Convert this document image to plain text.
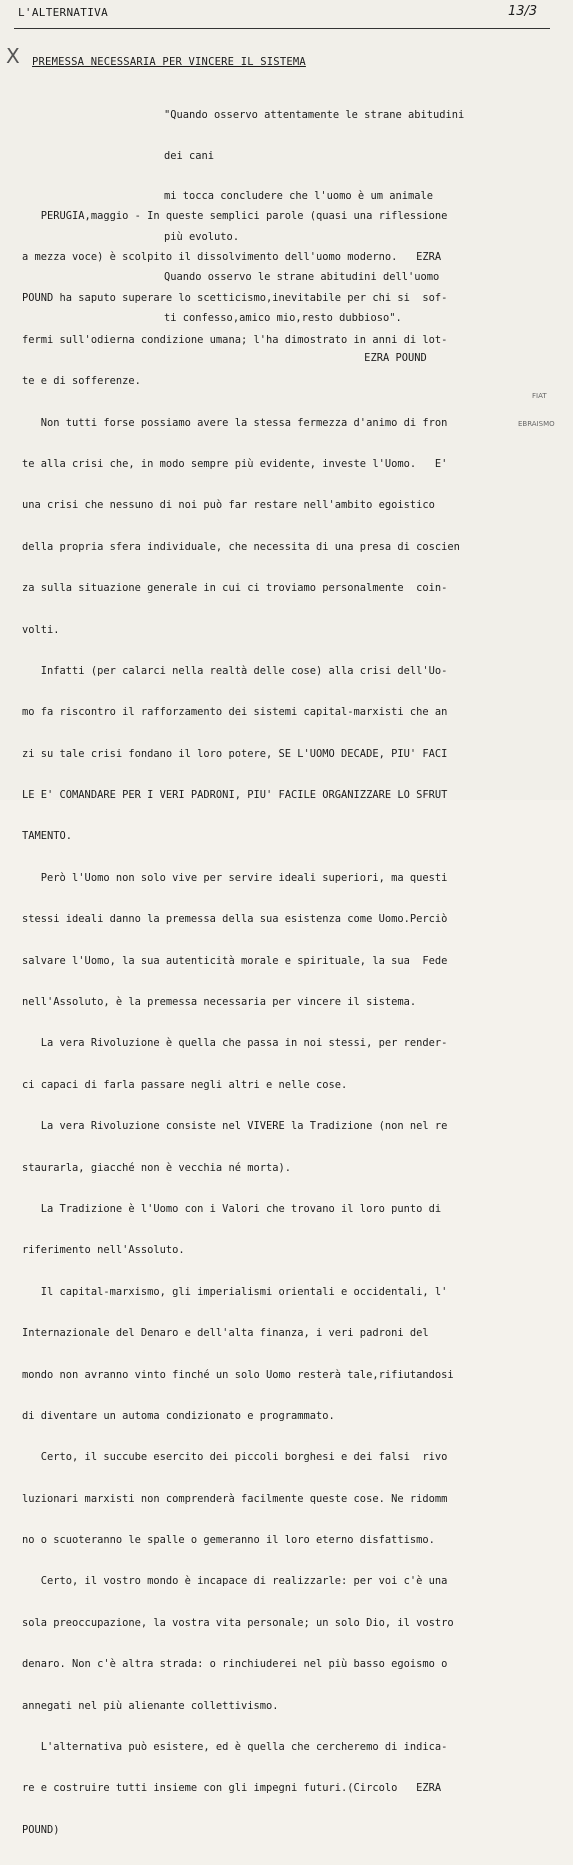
L'ALTERNATIVA	13/3
X PREMESSA NECESSARIA PER VINCERE IL SISTEMA

"Quando osservo attentamente le strane abitudini

dei cani

mi tocca concludere che l'uomo è um animale

più evoluto.

Quando osservo le strane abitudini dell'uomo

ti confesso,amico mio,resto dubbioso".

EZRA POUND

PERUGIA,maggio - In queste semplici parole (quasi una riflessione

a mezza voce) è scolpito il dissolvimento dell'uomo moderno.   EZRA

POUND ha saputo superare lo scetticismo,inevitabile per chi si  sof-

fermi sull'odierna condizione umana; l'ha dimostrato in anni di lot-

te e di sofferenze.

Non tutti forse possiamo avere la stessa fermezza d'animo di fron

te alla crisi che, in modo sempre più evidente, investe l'Uomo.   E'

una crisi che nessuno di noi può far restare nell'ambito egoistico

della propria sfera individuale, che necessita di una presa di coscien

za sulla situazione generale in cui ci troviamo personalmente  coin-

volti.

Infatti (per calarci nella realtà delle cose) alla crisi dell'Uo-

mo fa riscontro il rafforzamento dei sistemi capital-marxisti che an

zi su tale crisi fondano il loro potere, SE L'UOMO DECADE, PIU' FACI

LE E' COMANDARE PER I VERI PADRONI, PIU' FACILE ORGANIZZARE LO SFRUT

TAMENTO.

Però l'Uomo non solo vive per servire ideali superiori, ma questi

stessi ideali danno la premessa della sua esistenza come Uomo.Perciò

salvare l'Uomo, la sua autenticità morale e spirituale, la sua  Fede

nell'Assoluto, è la premessa necessaria per vincere il sistema.

La vera Rivoluzione è quella che passa in noi stessi, per render-

ci capaci di farla passare negli altri e nelle cose.

La vera Rivoluzione consiste nel VIVERE la Tradizione (non nel re

staurarla, giacché non è vecchia né morta).

La Tradizione è l'Uomo con i Valori che trovano il loro punto di

riferimento nell'Assoluto.

Il capital-marxismo, gli imperialismi orientali e occidentali, l'

Internazionale del Denaro e dell'alta finanza, i veri padroni del

mondo non avranno vinto finché un solo Uomo resterà tale,rifiutandosi

di diventare un automa condizionato e programmato.

Certo, il succube esercito dei piccoli borghesi e dei falsi  rivo

luzionari marxisti non comprenderà facilmente queste cose. Ne ridomm

no o scuoteranno le spalle o gemeranno il loro eterno disfattismo.

Certo, il vostro mondo è incapace di realizzarle: per voi c'è una

sola preoccupazione, la vostra vita personale; un solo Dio, il vostro

denaro. Non c'è altra strada: o rinchiuderei nel più basso egoismo o

annegati nel più alienante collettivismo.

L'alternativa può esistere, ed è quella che cercheremo di indica-

re e costruire tutti insieme con gli impegni futuri.(Circolo   EZRA

POUND)

FIAT
EBRAISMO
